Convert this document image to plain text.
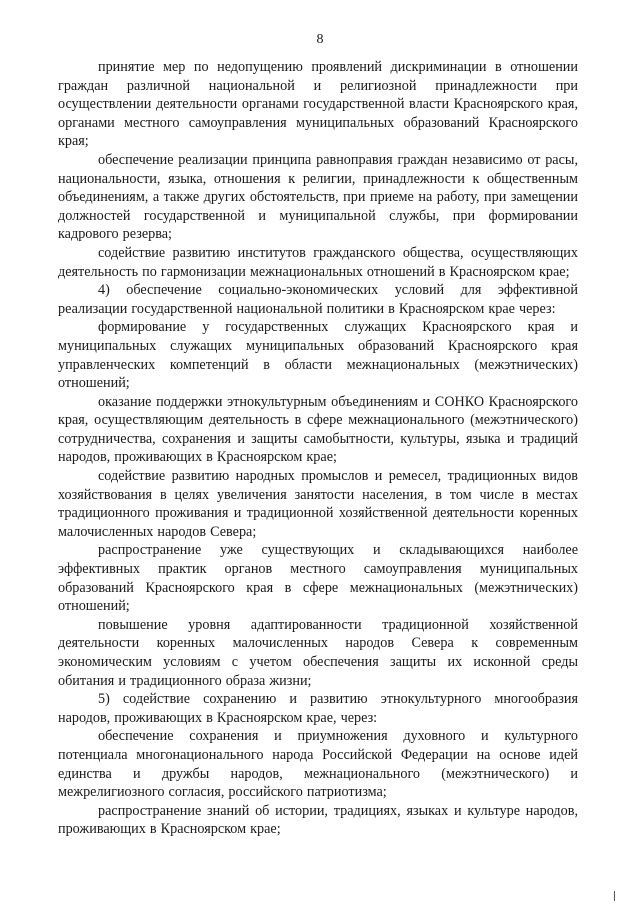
8

принятие мер по недопущению проявлений дискриминации в отношении граждан различной национальной и религиозной принадлежности при осуществлении деятельности органами государственной власти Красноярского края, органами местного самоуправления муниципальных образований Красноярского края;

обеспечение реализации принципа равноправия граждан независимо от расы, национальности, языка, отношения к религии, принадлежности к общественным объединениям, а также других обстоятельств, при приеме на работу, при замещении должностей государственной и муниципальной службы, при формировании кадрового резерва;

содействие развитию институтов гражданского общества, осуществляющих деятельность по гармонизации межнациональных отношений в Красноярском крае;

4) обеспечение социально-экономических условий для эффективной реализации государственной национальной политики в Красноярском крае через:

формирование у государственных служащих Красноярского края и муниципальных служащих муниципальных образований Красноярского края управленческих компетенций в области межнациональных (межэтнических) отношений;

оказание поддержки этнокультурным объединениям и СОНКО Красноярского края, осуществляющим деятельность в сфере межнационального (межэтнического) сотрудничества, сохранения и защиты самобытности, культуры, языка и традиций народов, проживающих в Красноярском крае;

содействие развитию народных промыслов и ремесел, традиционных видов хозяйствования в целях увеличения занятости населения, в том числе в местах традиционного проживания и традиционной хозяйственной деятельности коренных малочисленных народов Севера;

распространение уже существующих и складывающихся наиболее эффективных практик органов местного самоуправления муниципальных образований Красноярского края в сфере межнациональных (межэтнических) отношений;

повышение уровня адаптированности традиционной хозяйственной деятельности коренных малочисленных народов Севера к современным экономическим условиям с учетом обеспечения защиты их исконной среды обитания и традиционного образа жизни;

5) содействие сохранению и развитию этнокультурного многообразия народов, проживающих в Красноярском крае, через:

обеспечение сохранения и приумножения духовного и культурного потенциала многонационального народа Российской Федерации на основе идей единства и дружбы народов, межнационального (межэтнического) и межрелигиозного согласия, российского патриотизма;

распространение знаний об истории, традициях, языках и культуре народов, проживающих в Красноярском крае;
